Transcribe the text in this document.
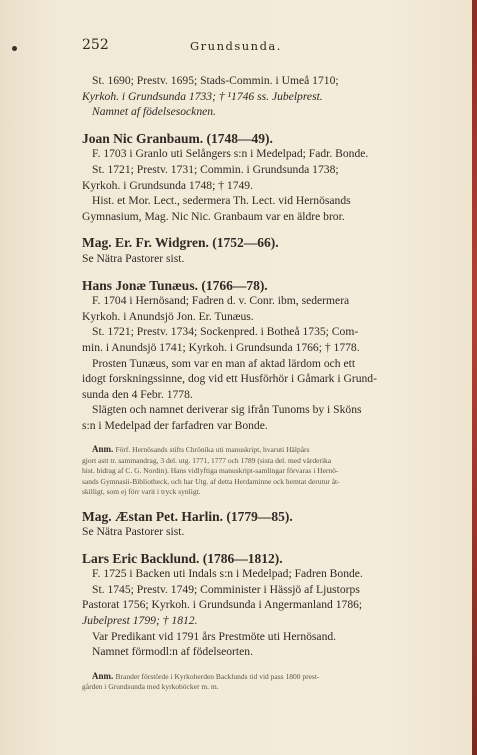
252	Grundsunda.
St. 1690; Prestv. 1695; Stads-Commin. i Umeå 1710;
Kyrkoh. i Grundsunda 1733; † ¹1746 ss. Jubelprest.
Namnet af födelsesocknen.
Joan Nic Granbaum. (1748—49).
F. 1703 i Granlo uti Selångers s:n i Medelpad; Fadr. Bonde.
St. 1721; Prestv. 1731; Commin. i Grundsunda 1738;
Kyrkoh. i Grundsunda 1748; † 1749.
Hist. et Mor. Lect., sedermera Th. Lect. vid Hernösands
Gymnasium, Mag. Nic Nic. Granbaum var en äldre bror.
Mag. Er. Fr. Widgren. (1752—66).
Se Nätra Pastorer sist.
Hans Jonæ Tunæus. (1766—78).
F. 1704 i Hernösand; Fadren d. v. Conr. ibm, sedermera
Kyrkoh. i Anundsjö Jon. Er. Tunæus.
St. 1721; Prestv. 1734; Sockenpred. i Botheå 1735; Com-
min. i Anundsjö 1741; Kyrkoh. i Grundsunda 1766; † 1778.
Prosten Tunæus, som var en man af aktad lärdom och ett
idogt forskningssinne, dog vid ett Husförhör i Gåmark i Grund-
sunda den 4 Febr. 1778.
Slägten och namnet deriverar sig ifrån Tunoms by i Sköns
s:n i Medelpad der farfadren var Bonde.
Anm. Förf. Hernösands stifts Chrönika uti manuskript, hvaruti Hälpårs
gjort astt tr. sammandrag, 3 del. utg. 1771, 1777 och 1789 (sista del. med värderika
hist. bidrag af C. G. Nordin). Hans vidlyftiga manuskript-samlingar förvaras i Hernö-
sands Gymnasii-Bibliotheck, och har Utg. af detta Herdaminne ock hemtat derutur åt-
skilligt, som ej förr varit i tryck synligt.
Mag. Æstan Pet. Harlin. (1779—85).
Se Nätra Pastorer sist.
Lars Eric Backlund. (1786—1812).
F. 1725 i Backen uti Indals s:n i Medelpad; Fadren Bonde.
St. 1745; Prestv. 1749; Comminister i Hässjö af Ljustorps
Pastorat 1756; Kyrkoh. i Grundsunda i Angermanland 1786;
Jubelprest 1799; † 1812.
Var Predikant vid 1791 års Prestmöte uti Hernösand.
Namnet förmodl:n af födelseorten.
Anm. Brander förstörde i Kyrkoherden Backlunds tid vid pass 1800 prest-
gården i Grundsunda med kyrkoböcker m. m.
